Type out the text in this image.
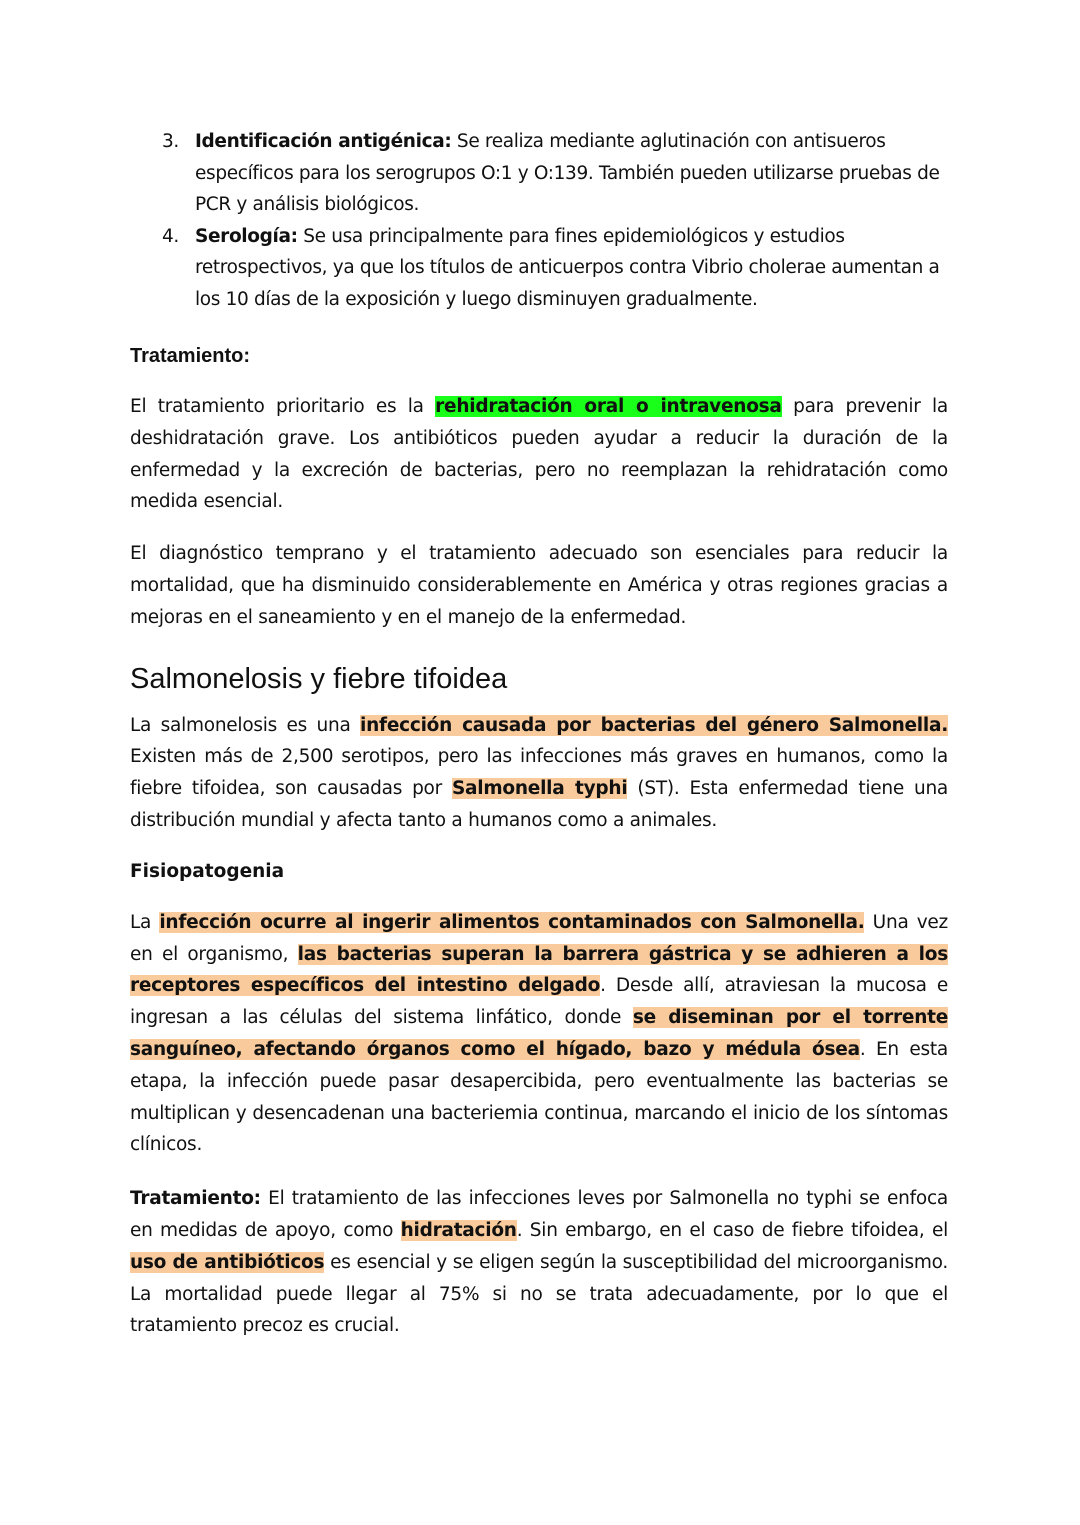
3. Identificación antigénica: Se realiza mediante aglutinación con antisueros específicos para los serogrupos O:1 y O:139. También pueden utilizarse pruebas de PCR y análisis biológicos.
4. Serología: Se usa principalmente para fines epidemiológicos y estudios retrospectivos, ya que los títulos de anticuerpos contra Vibrio cholerae aumentan a los 10 días de la exposición y luego disminuyen gradualmente.
Tratamiento:

El tratamiento prioritario es la rehidratación oral o intravenosa para prevenir la deshidratación grave. Los antibióticos pueden ayudar a reducir la duración de la enfermedad y la excreción de bacterias, pero no reemplazan la rehidratación como medida esencial.

El diagnóstico temprano y el tratamiento adecuado son esenciales para reducir la mortalidad, que ha disminuido considerablemente en América y otras regiones gracias a mejoras en el saneamiento y en el manejo de la enfermedad.

Salmonelosis y fiebre tifoidea

La salmonelosis es una infección causada por bacterias del género Salmonella. Existen más de 2,500 serotipos, pero las infecciones más graves en humanos, como la fiebre tifoidea, son causadas por Salmonella typhi (ST). Esta enfermedad tiene una distribución mundial y afecta tanto a humanos como a animales.

Fisiopatogenia

La infección ocurre al ingerir alimentos contaminados con Salmonella. Una vez en el organismo, las bacterias superan la barrera gástrica y se adhieren a los receptores específicos del intestino delgado. Desde allí, atraviesan la mucosa e ingresan a las células del sistema linfático, donde se diseminan por el torrente sanguíneo, afectando órganos como el hígado, bazo y médula ósea. En esta etapa, la infección puede pasar desapercibida, pero eventualmente las bacterias se multiplican y desencadenan una bacteriemia continua, marcando el inicio de los síntomas clínicos.

Tratamiento: El tratamiento de las infecciones leves por Salmonella no typhi se enfoca en medidas de apoyo, como hidratación. Sin embargo, en el caso de fiebre tifoidea, el uso de antibióticos es esencial y se eligen según la susceptibilidad del microorganismo. La mortalidad puede llegar al 75% si no se trata adecuadamente, por lo que el tratamiento precoz es crucial.
